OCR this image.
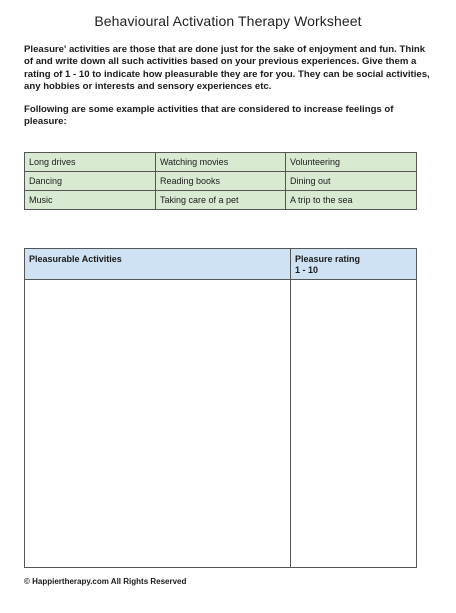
Behavioural Activation Therapy Worksheet

Pleasure' activities are those that are done just for the sake of enjoyment and fun. Think of and write down all such activities based on your previous experiences. Give them a rating of 1 - 10 to indicate how pleasurable they are for you. They can be social activities, any hobbies or interests and sensory experiences etc.

Following are some example activities that are considered to increase feelings of pleasure:

Long drives	Watching movies	Volunteering
Dancing	Reading books	Dining out
Music	Taking care of a pet	A trip to the sea
Pleasurable Activities	Pleasure rating
1 - 10

© Happiertherapy.com All Rights Reserved
